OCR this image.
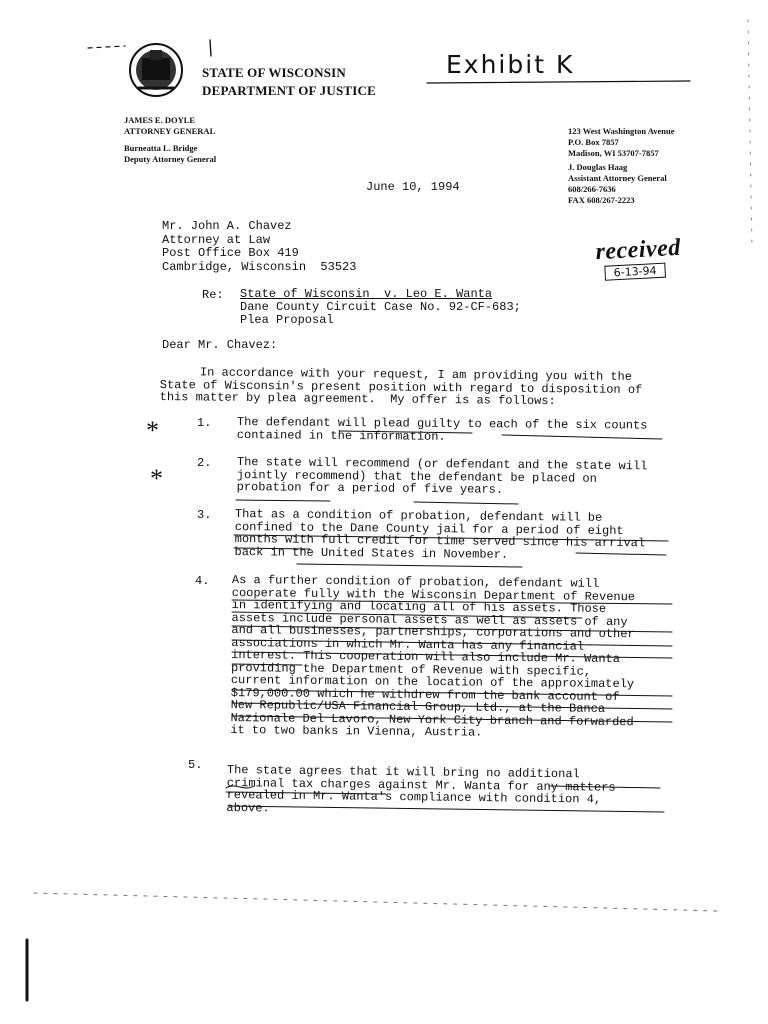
STATE OF WISCONSIN
DEPARTMENT OF JUSTICE
Exhibit K
JAMES E. DOYLE
ATTORNEY GENERAL
Burneatta L. Bridge
Deputy Attorney General
123 West Washington Avenue
P.O. Box 7857
Madison, WI 53707-7857
J. Douglas Haag
Assistant Attorney General
608/266-7636
FAX 608/267-2223
June 10, 1994
Mr. John A. Chavez
Attorney at Law
Post Office Box 419
Cambridge, Wisconsin  53523
received
6-13-94
Re: State of Wisconsin  v. Leo E. Wanta
Dane County Circuit Case No. 92-CF-683;
Plea Proposal
Dear Mr. Chavez:
In accordance with your request, I am providing you with the
State of Wisconsin's present position with regard to disposition of
this matter by plea agreement.  My offer is as follows:
*
*
1. The defendant will plead guilty to each of the six counts
contained in the information.
2. The state will recommend (or defendant and the state will
jointly recommend) that the defendant be placed on
probation for a period of five years.
3. That as a condition of probation, defendant will be
confined to the Dane County jail for a period of eight
months with full credit for time served since his arrival
back in the United States in November.
4. As a further condition of probation, defendant will
cooperate fully with the Wisconsin Department of Revenue
in identifying and locating all of his assets. Those
assets include personal assets as well as assets of any
and all businesses, partnerships, corporations and other
associations in which Mr. Wanta has any financial
interest. This cooperation will also include Mr. Wanta
providing the Department of Revenue with specific,
current information on the location of the approximately
$179,000.00 which he withdrew from the bank account of
New Republic/USA Financial Group, Ltd., at the Banca
Nazionale Del Lavoro, New York City branch and forwarded
it to two banks in Vienna, Austria.
5. The state agrees that it will bring no additional
criminal tax charges against Mr. Wanta for any matters
revealed in Mr. Wanta's compliance with condition 4,
above.
